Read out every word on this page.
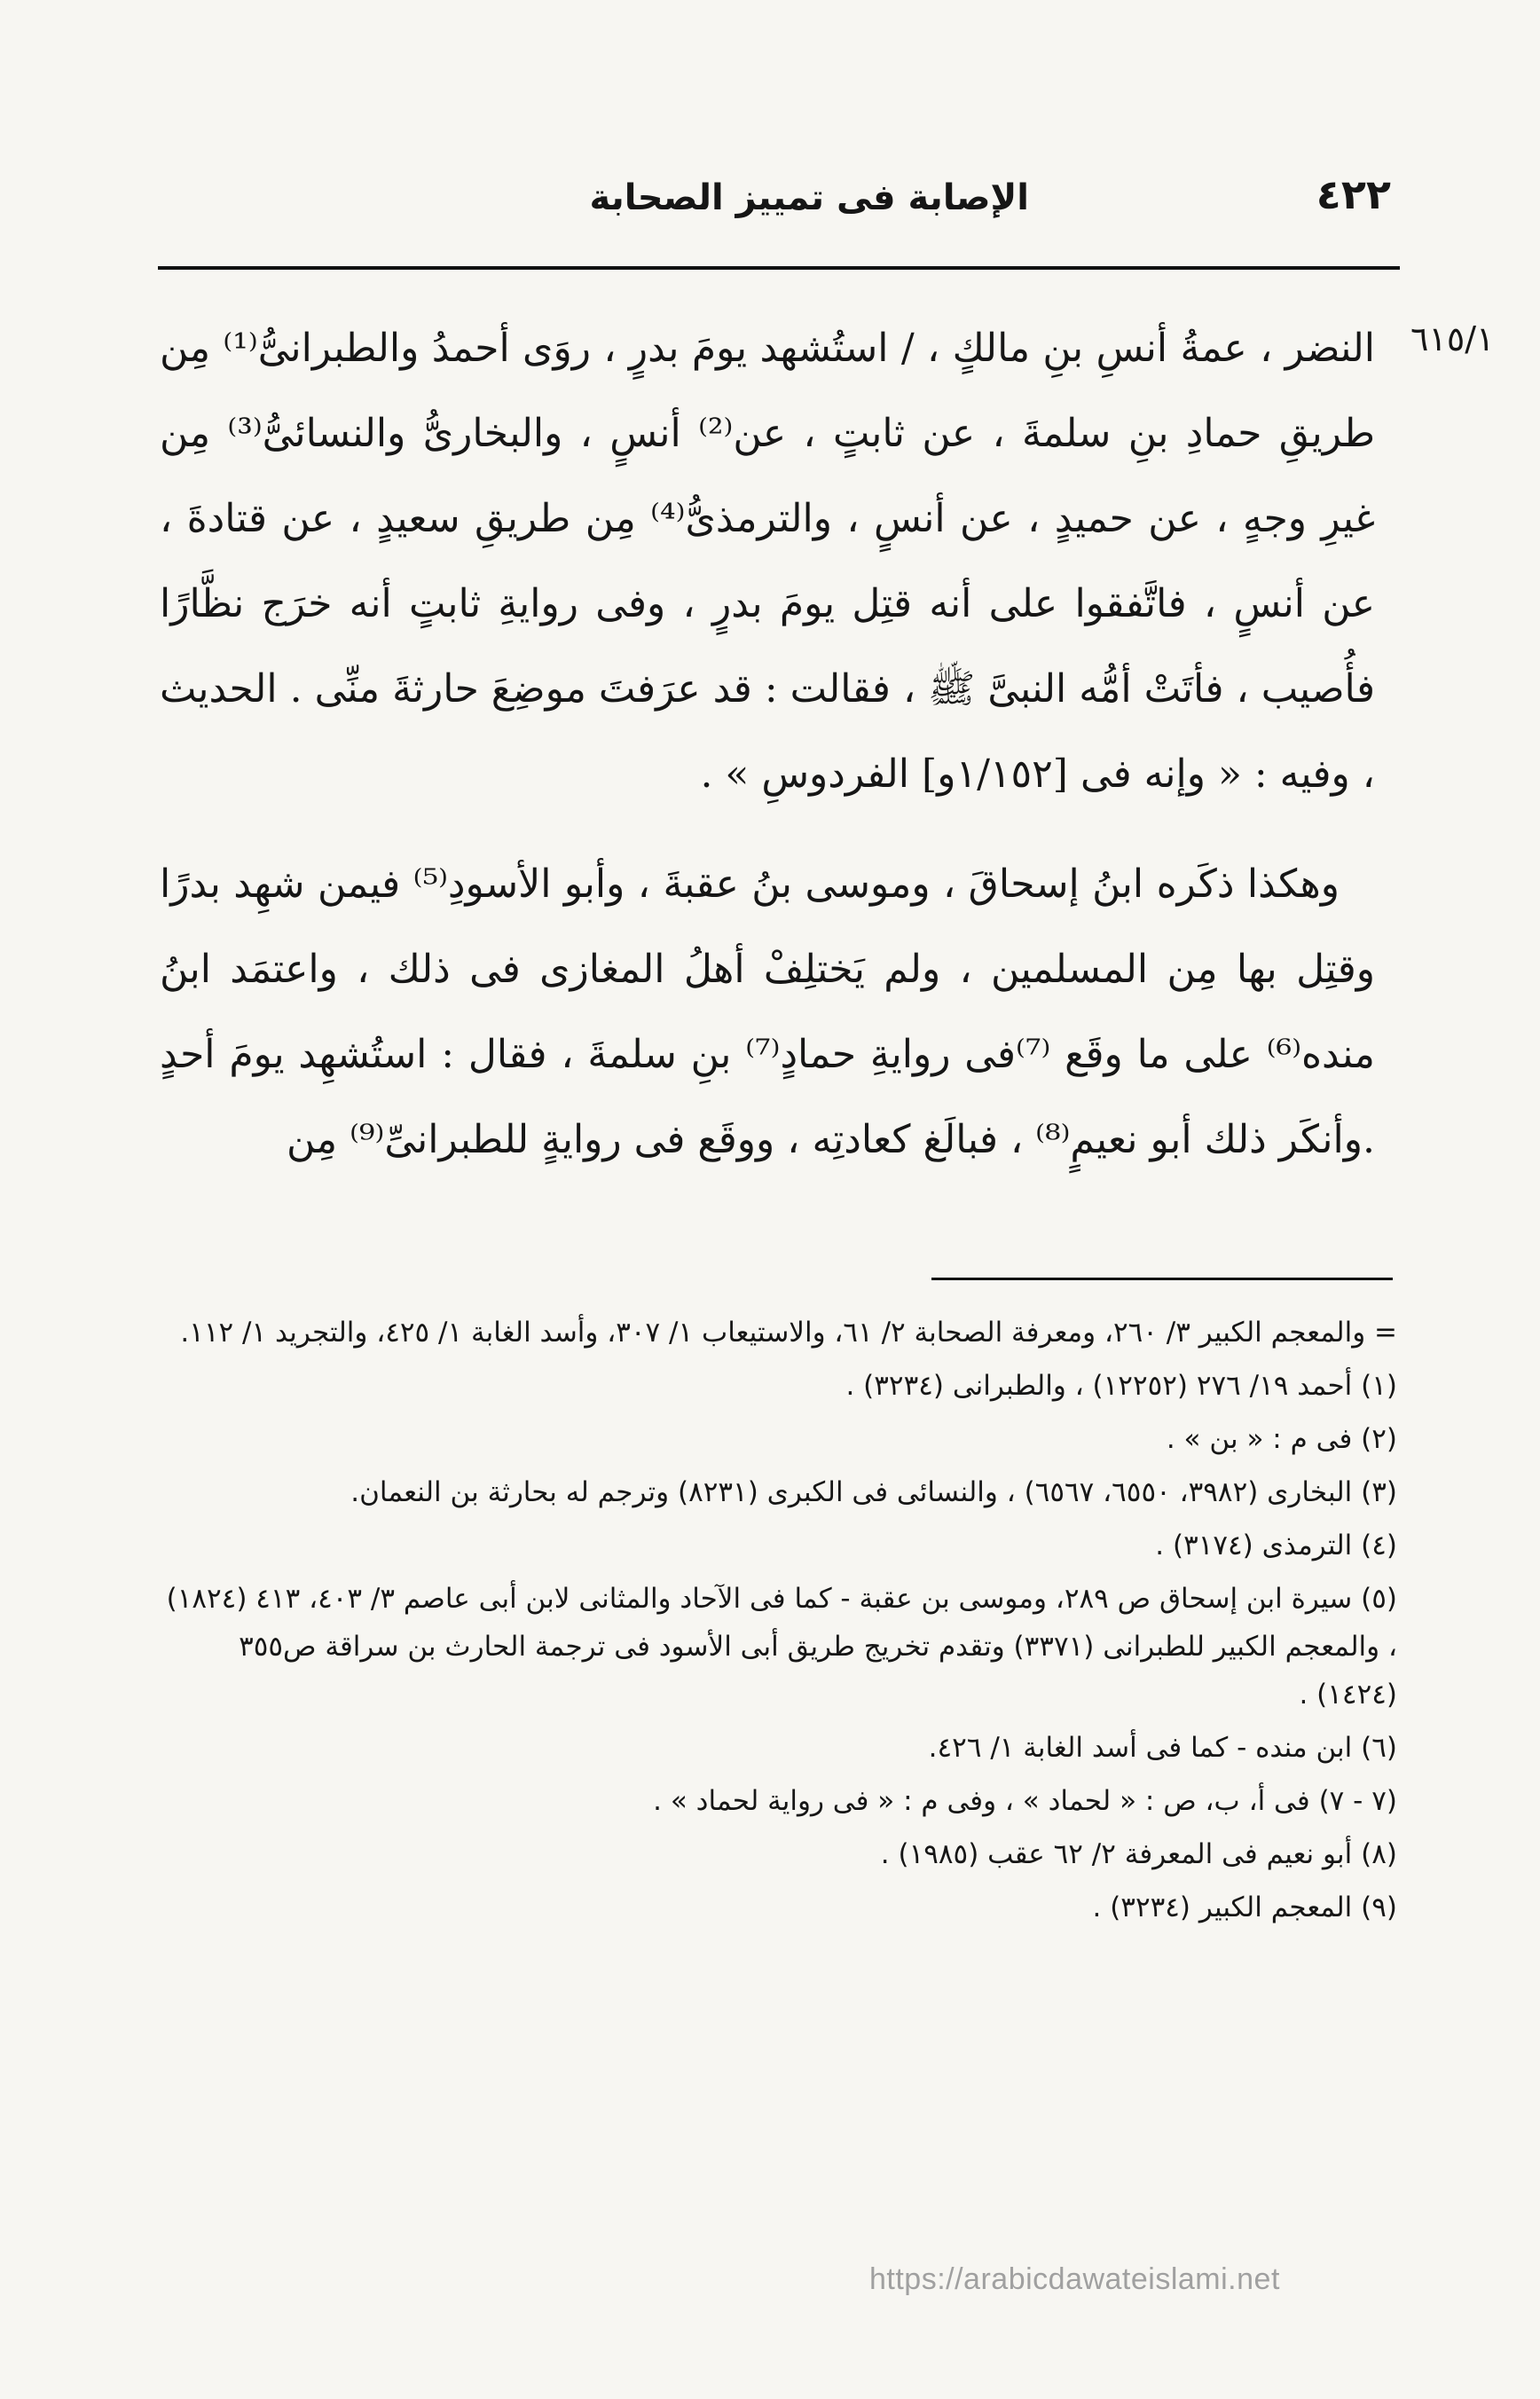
٤٢٢
الإصابة فى تمييز الصحابة
٦١٥/١

النضر ، عمةُ أنسِ بنِ مالكٍ ، / استُشهد يومَ بدرٍ ، روَى أحمدُ والطبرانىُّ⁽¹⁾ مِن طريقِ حمادِ بنِ سلمةَ ، عن ثابتٍ ، عن⁽²⁾ أنسٍ ، والبخارىُّ والنسائىُّ⁽³⁾ مِن غيرِ وجهٍ ، عن حميدٍ ، عن أنسٍ ، والترمذىُّ⁽⁴⁾ مِن طريقِ سعيدٍ ، عن قتادةَ ، عن أنسٍ ، فاتَّفقوا على أنه قتِل يومَ بدرٍ ، وفى روايةِ ثابتٍ أنه خرَج نظَّارًا فأُصيب ، فأتَتْ أمُّه النبىَّ ﷺ ، فقالت : قد عرَفتَ موضِعَ حارثةَ منِّى . الحديث ، وفيه : « وإنه فى [١/١٥٢و] الفردوسِ » .

وهكذا ذكَره ابنُ إسحاقَ ، وموسى بنُ عقبةَ ، وأبو الأسودِ⁽⁵⁾ فيمن شهِد بدرًا وقتِل بها مِن المسلمين ، ولم يَختلِفْ أهلُ المغازى فى ذلك ، واعتمَد ابنُ منده⁽⁶⁾ على ما وقَع ⁽⁷⁾فى روايةِ حمادٍ⁽⁷⁾ بنِ سلمةَ ، فقال : استُشهِد يومَ أحدٍ .وأنكَر ذلك أبو نعيمٍ⁽⁸⁾ ، فبالَغ كعادتِه ، ووقَع فى روايةٍ للطبرانىِّ⁽⁹⁾ مِن

= والمعجم الكبير ٣/ ٢٦٠، ومعرفة الصحابة ٢/ ٦١، والاستيعاب ١/ ٣٠٧، وأسد الغابة ١/ ٤٢٥، والتجريد ١/ ١١٢.

(١) أحمد ١٩/ ٢٧٦ (١٢٢٥٢) ، والطبرانى (٣٢٣٤) .

(٢) فى م : « بن » .

(٣) البخارى (٣٩٨٢، ٦٥٥٠، ٦٥٦٧) ، والنسائى فى الكبرى (٨٢٣١) وترجم له بحارثة بن النعمان.

(٤) الترمذى (٣١٧٤) .

(٥) سيرة ابن إسحاق ص ٢٨٩، وموسى بن عقبة - كما فى الآحاد والمثانى لابن أبى عاصم ٣/ ٤٠٣، ٤١٣ (١٨٢٤) ، والمعجم الكبير للطبرانى (٣٣٧١) وتقدم تخريج طريق أبى الأسود فى ترجمة الحارث بن سراقة ص٣٥٥ (١٤٢٤) .

(٦) ابن منده - كما فى أسد الغابة ١/ ٤٢٦.

(٧ - ٧) فى أ، ب، ص : « لحماد » ، وفى م : « فى رواية لحماد » .

(٨) أبو نعيم فى المعرفة ٢/ ٦٢ عقب (١٩٨٥) .

(٩) المعجم الكبير (٣٢٣٤) .

https://arabicdawateislami.net
